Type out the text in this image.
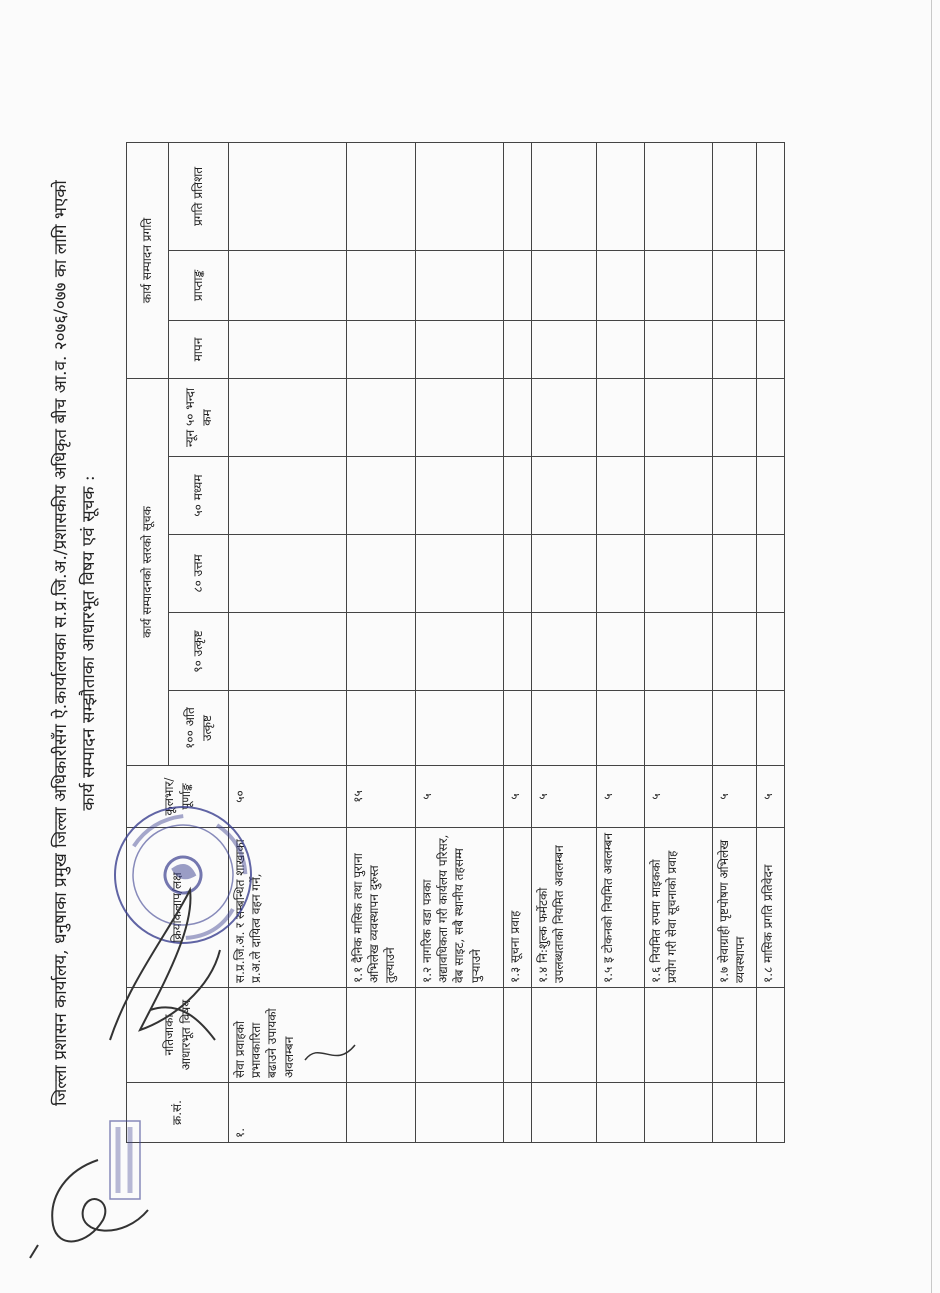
जिल्ला प्रशासन कार्यालय, धनुषाका प्रमुख जिल्ला अधिकारीसँग ऐ.कार्यालयका स.प्र.जि.अ./प्रशासकीय अधिकृत बीच आ.व. २०७६/०७७ का लागि भएको कार्य सम्पादन सम्झौताका आधारभूत विषय एवं सूचक :
क्र.सं.	नतिजाका आधारभूत विषय	क्रियाकलाप/लक्ष	कूलभार/ पूर्णाङ्क	कार्य सम्पादनको स्तरको सूचक					कार्य सम्पादन प्रगति		
				१०० अति उत्कृष्ट	९० उत्कृष्ट	८० उत्तम	५० मध्यम	न्यून ५० भन्दा कम	मापन	प्राप्ताङ्क	प्रगति प्रतिशत
१.	सेवा प्रवाहको प्रभावकारिता बढाउने उपायको अवलम्बन	स.प्र.जि.अ. र सम्बन्धित शाखाका प्र.अ.ले दायित्व वहन गर्ने,	५०								
		१.१ दैनिक मासिक तथा पुराना अभिलेख व्यवस्थापन दुरुस्त तुल्याउने	१५								
		१.२ नागरिक वडा पत्रका अद्यावधिकता गरी कार्यलय परिसर, वेब साइट, सबै स्थानीय तहसम्म पुर्‍याउने	५								
		१.३ सूचना प्रवाह	५								
		१.४ नि:शुल्क फर्मेटको उपलब्धताको नियमित अवलम्बन	५								
		१.५ इ टोकनको नियमित अवलम्बन	५								
		१.६ नियमित रुपमा माइकको प्रयोग गरी सेवा सूचनाको प्रवाह	५								
		१.७ सेवाग्राही पृष्टपोषण अभिलेख व्यवस्थापन	५								
		१.८ मासिक प्रगति प्रतिवेदन	५								
